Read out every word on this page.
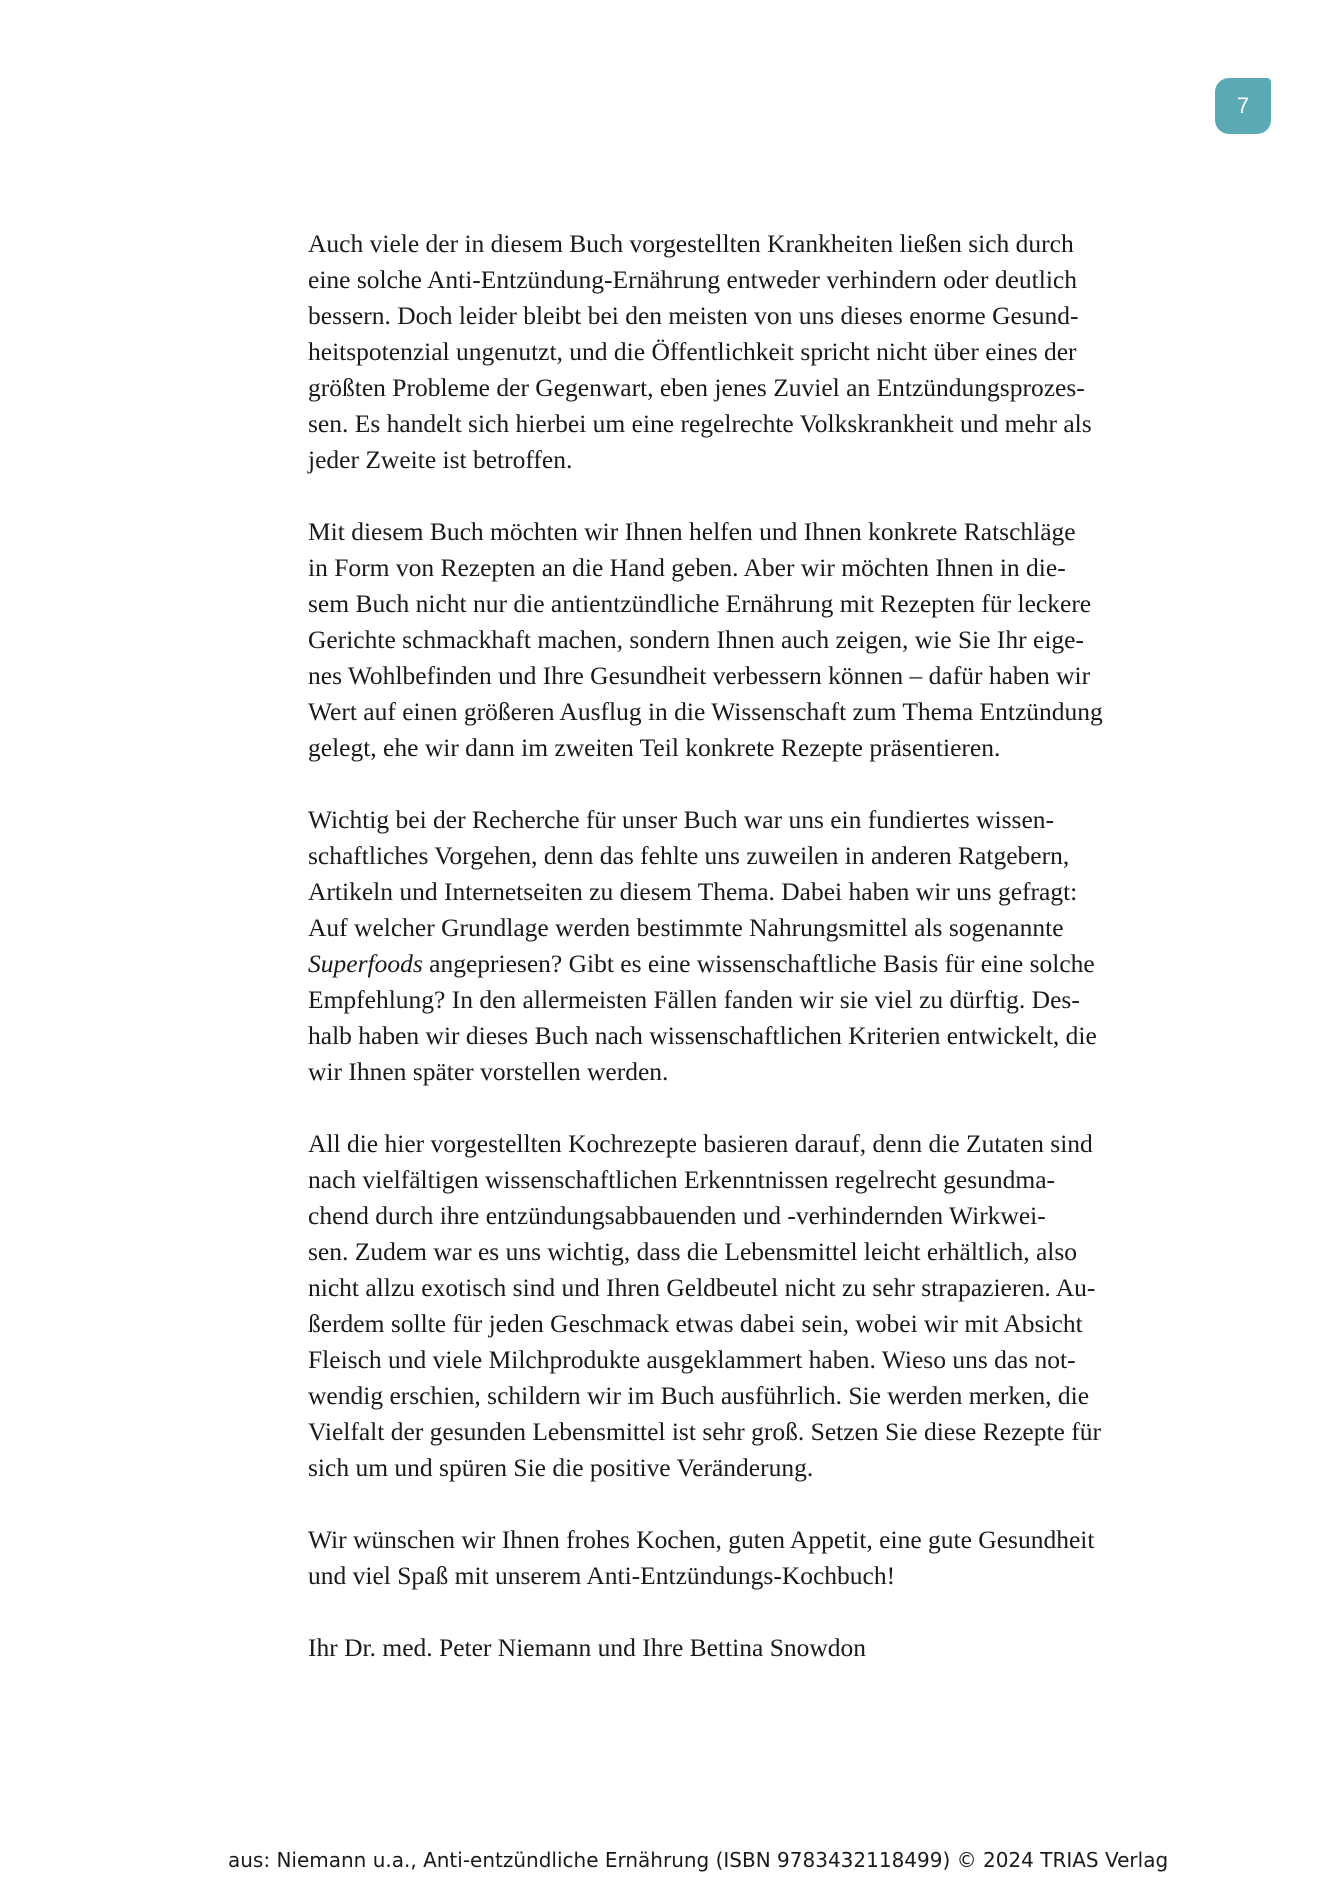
7

Auch viele der in diesem Buch vorgestellten Krankheiten ließen sich durch
eine solche Anti-Entzündung-Ernährung entweder verhindern oder deutlich
bessern. Doch leider bleibt bei den meisten von uns dieses enorme Gesund-
heitspotenzial ungenutzt, und die Öffentlichkeit spricht nicht über eines der
größten Probleme der Gegenwart, eben jenes Zuviel an Entzündungsprozes-
sen. Es handelt sich hierbei um eine regelrechte Volkskrankheit und mehr als
jeder Zweite ist betroffen.

Mit diesem Buch möchten wir Ihnen helfen und Ihnen konkrete Ratschläge
in Form von Rezepten an die Hand geben. Aber wir möchten Ihnen in die-
sem Buch nicht nur die antientzündliche Ernährung mit Rezepten für leckere
Gerichte schmackhaft machen, sondern Ihnen auch zeigen, wie Sie Ihr eige-
nes Wohlbefinden und Ihre Gesundheit verbessern können – dafür haben wir
Wert auf einen größeren Ausflug in die Wissenschaft zum Thema Entzündung
gelegt, ehe wir dann im zweiten Teil konkrete Rezepte präsentieren.

Wichtig bei der Recherche für unser Buch war uns ein fundiertes wissen-
schaftliches Vorgehen, denn das fehlte uns zuweilen in anderen Ratgebern,
Artikeln und Internetseiten zu diesem Thema. Dabei haben wir uns gefragt:
Auf welcher Grundlage werden bestimmte Nahrungsmittel als sogenannte
Superfoods angepriesen? Gibt es eine wissenschaftliche Basis für eine solche
Empfehlung? In den allermeisten Fällen fanden wir sie viel zu dürftig. Des-
halb haben wir dieses Buch nach wissenschaftlichen Kriterien entwickelt, die
wir Ihnen später vorstellen werden.

All die hier vorgestellten Kochrezepte basieren darauf, denn die Zutaten sind
nach vielfältigen wissenschaftlichen Erkenntnissen regelrecht gesundma-
chend durch ihre entzündungsabbauenden und -verhindernden Wirkwei-
sen. Zudem war es uns wichtig, dass die Lebensmittel leicht erhältlich, also
nicht allzu exotisch sind und Ihren Geldbeutel nicht zu sehr strapazieren. Au-
ßerdem sollte für jeden Geschmack etwas dabei sein, wobei wir mit Absicht
Fleisch und viele Milchprodukte ausgeklammert haben. Wieso uns das not-
wendig erschien, schildern wir im Buch ausführlich. Sie werden merken, die
Vielfalt der gesunden Lebensmittel ist sehr groß. Setzen Sie diese Rezepte für
sich um und spüren Sie die positive Veränderung.

Wir wünschen wir Ihnen frohes Kochen, guten Appetit, eine gute Gesundheit
und viel Spaß mit unserem Anti-Entzündungs-Kochbuch!

Ihr Dr. med. Peter Niemann und Ihre Bettina Snowdon

aus: Niemann u.a., Anti-entzündliche Ernährung (ISBN 9783432118499) © 2024 TRIAS Verlag
